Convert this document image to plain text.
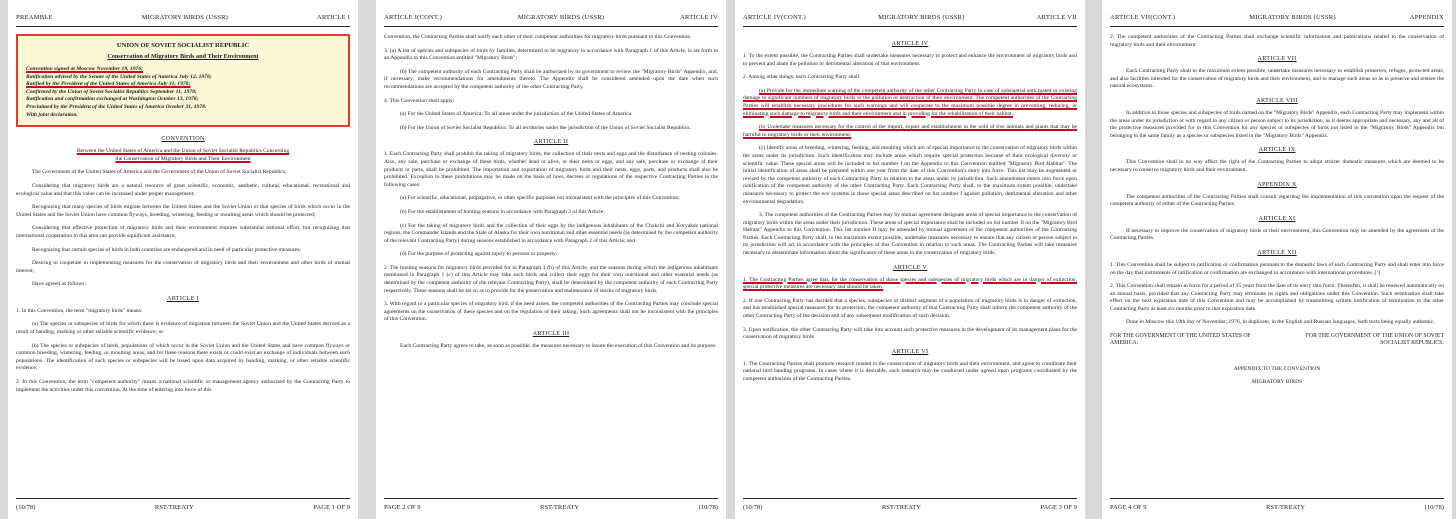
PREAMBLE	MIGRATORY BIRDS (USSR)	ARTICLE I

UNION OF SOVIET SOCIALIST REPUBLIC

Conservation of Migratory Birds and Their Environment

Convention signed at Moscow November 19, 1976;

Ratification advised by the Senate of the United States of America July 12, 1978;

Ratified by the President of the United States of America July 31, 1978;

Confirmed by the Union of Soviet Socialist Republics September 11, 1978;

Ratification and confirmation exchanged at Washington October 13, 1978;

Proclaimed by the President of the United States of America October 31, 1978.

With joint declaration.

CONVENTION

Between the United States of America and the Union of Soviet Socialist Republics Concerning the Conservation of Migratory Birds and Their Environment

The Government of the United States of America and the Government of the Union of Soviet Socialist Republics,

Considering that migratory birds are a natural resource of great scientific, economic, aesthetic, cultural, educational, recreational and ecological value and that this value can be increased under proper management;

Recognizing that many species of birds migrate between the United States and the Soviet Union or that species of birds which occur in the United States and the Soviet Union have common flyways, breeding, wintering, feeding or moulting areas which should be protected;

Considering that effective protection of migratory birds and their environment requires substantial national effort, but recognizing that international cooperation in this area can provide significant assistance;

Recognizing that certain species of birds in both countries are endangered and in need of particular protective measures;

Desiring to cooperate in implementing measures for the conservation of migratory birds and their environment and other birds of mutual interest;

Have agreed as follows:

ARTICLE I

1. In this Convention, the term "migratory birds" means:

(a) The species or subspecies of birds for which there is evidence of migration between the Soviet Union and the United States derived as a result of banding, marking or other reliable scientific evidence; or

(b) The species or subspecies of birds, populations of which occur in the Soviet Union and the United States and have common flyways or common breeding, wintering, feeding, or moulting areas, and for these reasons there exists or could exist an exchange of individuals between such populations. The identification of such species or subspecies will be based upon data acquired by banding, marking, or other reliable scientific evidence;

2. In this Convention, the term "competent authority" means a national scientific or management agency authorized by the Contracting Party to implement the activities under this convention. At the time of entering into force of this

(10/78)	RST/TREATY	PAGE 1 OF 9
ARTICLE I(CONT.)	MIGRATORY BIRDS (USSR)	ARTICLE IV

Convention, the Contracting Parties shall notify each other of their competent authorities for migratory birds pursuant to this Convention.

3. (a) A list of species and subspecies of birds by families, determined to be migratory in accordance with Paragraph 1 of this Article, is set forth in an Appendix to this Convention entitled "Migratory Birds";

(b) The competent authority of each Contracting Party shall be authorized by its government to review the "Migratory Birds" Appendix, and, if necessary, make recommendations for amendments thereto. The Appendix shall be considered amended upon the date when such recommendations are accepted by the competent authority of the other Contracting Party.

4. This Convention shall apply:

(a) For the United States of America: To all areas under the jurisdiction of the United States of America.

(b) For the Union of Soviet Socialist Republics: To all territories under the jurisdiction of the Union of Soviet Socialist Republics.

ARTICLE II

1. Each Contracting Party shall prohibit the taking of migratory birds, the collection of their nests and eggs and the disturbance of nesting colonies. Also, any sale, purchase or exchange of these birds, whether dead or alive, or their nests or eggs, and any sale, purchase or exchange of their products or parts, shall be prohibited. The importation and exportation of migratory birds and their nests, eggs, parts, and products shall also be prohibited. Exception to these prohibitions may be made on the basis of laws, decrees or regulations of the respective Contracting Parties in the following cases:

(a) For scientific, educational, propagative, or other specific purposes not inconsistent with the principles of this Convention;

(b) For the establishment of hunting seasons in accordance with Paragraph 2 of this Article;

(c) For the taking of migratory birds and the collection of their eggs by the indigenous inhabitants of the Chukchi and Koryaksk national regions, the Commander Islands and the State of Alaska for their own nutritional and other essential needs (as determined by the competent authority of the relevant Contracting Party) during seasons established in accordance with Paragraph 2 of this Article; and

(d) For the purpose of protecting against injury to persons or property.

2. The hunting seasons for migratory birds provided for in Paragraph 1 (b) of this Article, and the seasons during which the indigenous inhabitants mentioned in Paragraph 1 (c) of this Article may take such birds and collect their eggs for their own nutritional and other essential needs (as determined by the competent authority of the relevant Contracting Party), shall be determined by the competent authority of each Contracting Party respectively. These seasons shall be set so as to provide for the preservation and maintenance of stocks of migratory birds.

3. With regard to a particular species of migratory bird, if the need arises, the competent authorities of the Contracting Parties may conclude special agreements on the conservation of these species and on the regulation of their taking. Such agreements shall not be inconsistent with the principles of this Convention.

ARTICLE III

Each Contracting Party agrees to take, as soon as possible, the measures necessary to insure the execution of this Convention and its purpose.

PAGE 2 OF 9	RST/TREATY	(10/78)
ARTICLE IV(CONT.)	MIGRATORY BIRDS (USSR)	ARTICLE VII
ARTICLE IV

1. To the extent possible, the Contracting Parties shall undertake measures necessary to protect and enhance the environment of migratory birds and to prevent and abate the pollution or detrimental alteration of that environment.

2. Among other things, each Contracting Party shall:

(a) Provide for the immediate warning of the competent authority of the other Contracting Party in case of substantial anticipated or existing damage to significant numbers of migratory birds or the pollution or destruction of their environment. The competent authorities of the Contracting Parties will establish necessary procedures for such warnings and will cooperate to the maximum possible degree in preventing, reducing, or eliminating such damage to migratory birds and their environment and in providing for the rehabilitation of their habitat.

(b) Undertake measures necessary for the control of the import, export and establishment in the wild of live animals and plants that may be harmful to migratory birds or their environment.

(c) Identify areas of breeding, wintering, feeding, and moulting which are of special importance to the conservation of migratory birds within the areas under its jurisdiction. Such identification may include areas which require special protection because of their ecological diversity or scientific value. These special areas will be included in list number I on the Appendix to this Convention entitled "Migratory Bird Habitat". The initial identification of areas shall be prepared within one year from the date of this Convention's entry into force. This list may be augmented or revised by the competent authority of each Contracting Party in relation to the areas under its jurisdiction. Such amendment enters into force upon notification of the competent authority of the other Contracting Party. Each Contracting Party shall, to the maximum extent possible, undertake measures necessary to protect the eco systems in those special areas described on list number I against pollution, detrimental alteration and other environmental degradation.

3. The competent authorities of the Contracting Parties may by mutual agreement designate areas of special importance to the conservation of migratory birds within the areas under their jurisdiction. These areas of special importance shall be included on list number II on the "Migratory Bird Habitat" Appendix to this Convention. This list number II may be amended by mutual agreement of the competent authorities of the Contracting Parties. Each Contracting Party shall, to the maximum extent possible, undertake measures necessary to ensure that any citizen or person subject to its jurisdiction will act in accordance with the principles of this Convention in relation to such areas. The Contracting Parties will take measures necessary to disseminate information about the significance of these areas to the conservation of migratory birds.

ARTICLE V

1. The Contracting Parties agree that, for the conservation of those species and subspecies of migratory birds which are in danger of extinction, special protective measures are necessary and should be taken.

2. If one Contracting Party has decided that a species, subspecies or distinct segment of a population of migratory birds is in danger of extinction, and has established special measures for its protection, the competent authority of that Contracting Party shall inform the competent authority of the other Contracting Party of the decision and of any subsequent modification of such decision.

3. Upon notification, the other Contracting Party will take into account such protective measures in the development of its management plans for the conservation of migratory birds.

ARTICLE VI

1. The Contracting Parties shall promote research related to the conservation of migratory birds and their environment, and agree to coordinate their national bird banding programs. In cases where it is desirable, such research may be conducted under agreed upon programs coordinated by the competent authorities of the Contracting Parties.

(10/78)	RST/TREATY	PAGE 3 OF 9
ARTICLE VII(CONT.)	MIGRATORY BIRDS (USSR)	APPENDIX

2. The competent authorities of the Contracting Parties shall exchange scientific information and publications related to the conservation of migratory birds and their environment.

ARTICLE VII

Each Contracting Party shall to the maximum extent possible, undertake measures necessary to establish preserves, refuges, protected areas, and also facilities intended for the conservation of migratory birds and their environment, and to manage such areas so as to preserve and restore the natural ecosystems.

ARTICLE VIII

In addition to those species and subspecies of birds named on the "Migratory Birds" Appendix, each Contracting Party may implement within the areas under its jurisdiction or with regard to any citizen or person subject to its jurisdiction, as it deems appropriate and necessary, any and all of the protective measures provided for in this Convention for any species or subspecies of birds not listed in the "Migratory Birds" Appendix but belonging to the same family as a species or subspecies listed in the "Migratory Birds" Appendix.

ARTICLE IX

This Convention shall in no way affect the right of the Contracting Parties to adopt stricter domestic measures which are deemed to be necessary to conserve migratory birds and their environment.

APPENDIX X

The competent authorities of the Contracting Parties shall consult regarding the implementation of this convention upon the request of the competent authority of either of the Contracting Parties.

ARTICLE XI

If necessary to improve the conservation of migratory birds or their environment, this Convention may be amended by the agreement of the Contracting Parties.

ARTICLE XII

1. This Convention shall be subject to ratification or confirmation pursuant to the domestic laws of each Contracting Party and shall enter into force on the day that instruments of ratification or confirmation are exchanged in accordance with international procedures. [¹]

2. This Convention shall remain in force for a period of 15 years from the date of its entry into force. Thereafter, it shall be renewed automatically on an annual basis, provided that any Contracting Party may terminate its rights and obligations under this Convention. Such termination shall take effect on the next expiration date of this Convention and may be accomplished by transmitting written notification of termination to the other Contracting Party at least six months prior to that expiration date.

Done in Moscow this 19th day of November, 1976, in duplicate, in the English and Russian languages, both texts being equally authentic.

FOR THE GOVERNMENT OF THE UNITED STATES OF AMERICA:
FOR THE GOVERNMENT OF THE UNION OF SOVIET SOCIALIST REPUBLICS:

APPENDIX TO THE CONVENTION

MIGRATORY BIRDS

PAGE 4 OF 9	RST/TREATY	(10/78)
